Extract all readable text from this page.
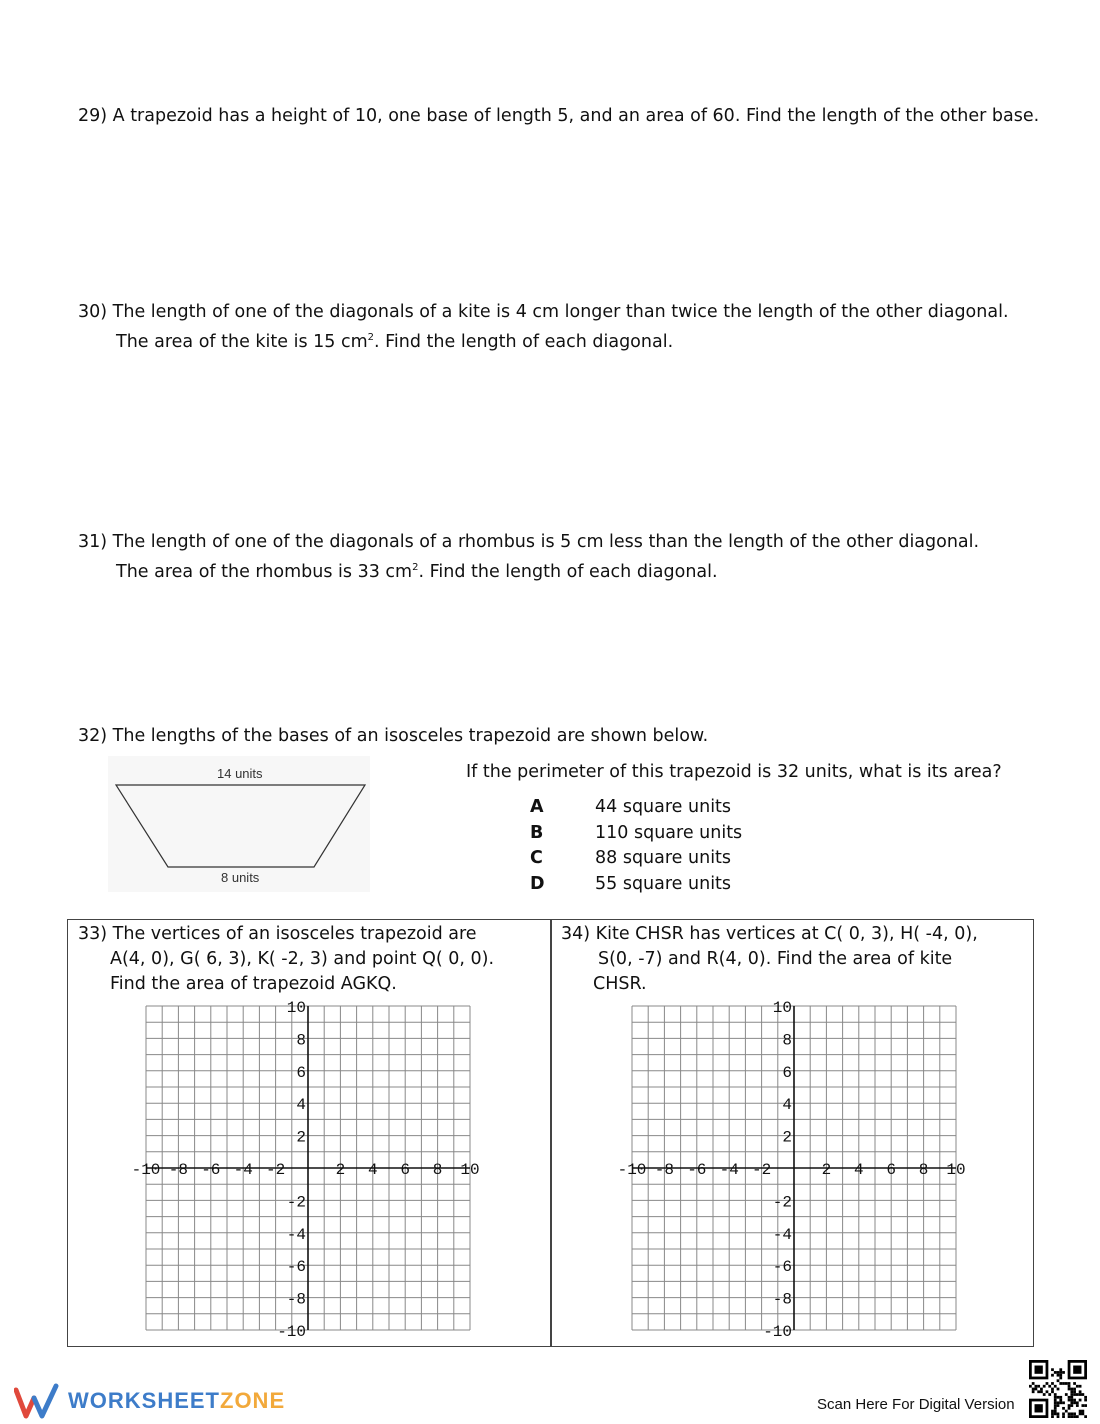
29) A trapezoid has a height of 10, one base of length 5, and an area of 60. Find the length of the other base.
30) The length of one of the diagonals of a kite is 4 cm longer than twice the length of the other diagonal.
The area of the kite is 15 $cm^2$. Find the length of each diagonal.
31) The length of one of the diagonals of a rhombus is 5 cm less than the length of the other diagonal.
The area of the rhombus is 33 $cm^2$. Find the length of each diagonal.
32) The lengths of the bases of an isosceles trapezoid are shown below.
14 units
8 units
If the perimeter of this trapezoid is 32 units, what is its area?
A	44 square units
B	110 square units
C	88 square units
D	55 square units
33) The vertices of an isosceles trapezoid are
A(4, 0), G( 6, 3), K( -2, 3) and point Q( 0, 0).
Find the area of trapezoid AGKQ.
-10 -8 -6 -4 -2	2 4 6 8 10
10
8
6
4
2
-2
-4
-6
-8
-10
34) Kite CHSR has vertices at C( 0, 3), H( -4, 0),
S(0, -7) and R(4, 0). Find the area of kite
CHSR.
-10 -8 -6 -4 -2	2 4 6 8 10
10
8
6
4
2
-2
-4
-6
-8
-10
WORKSHEETZONE	Scan Here For Digital Version
